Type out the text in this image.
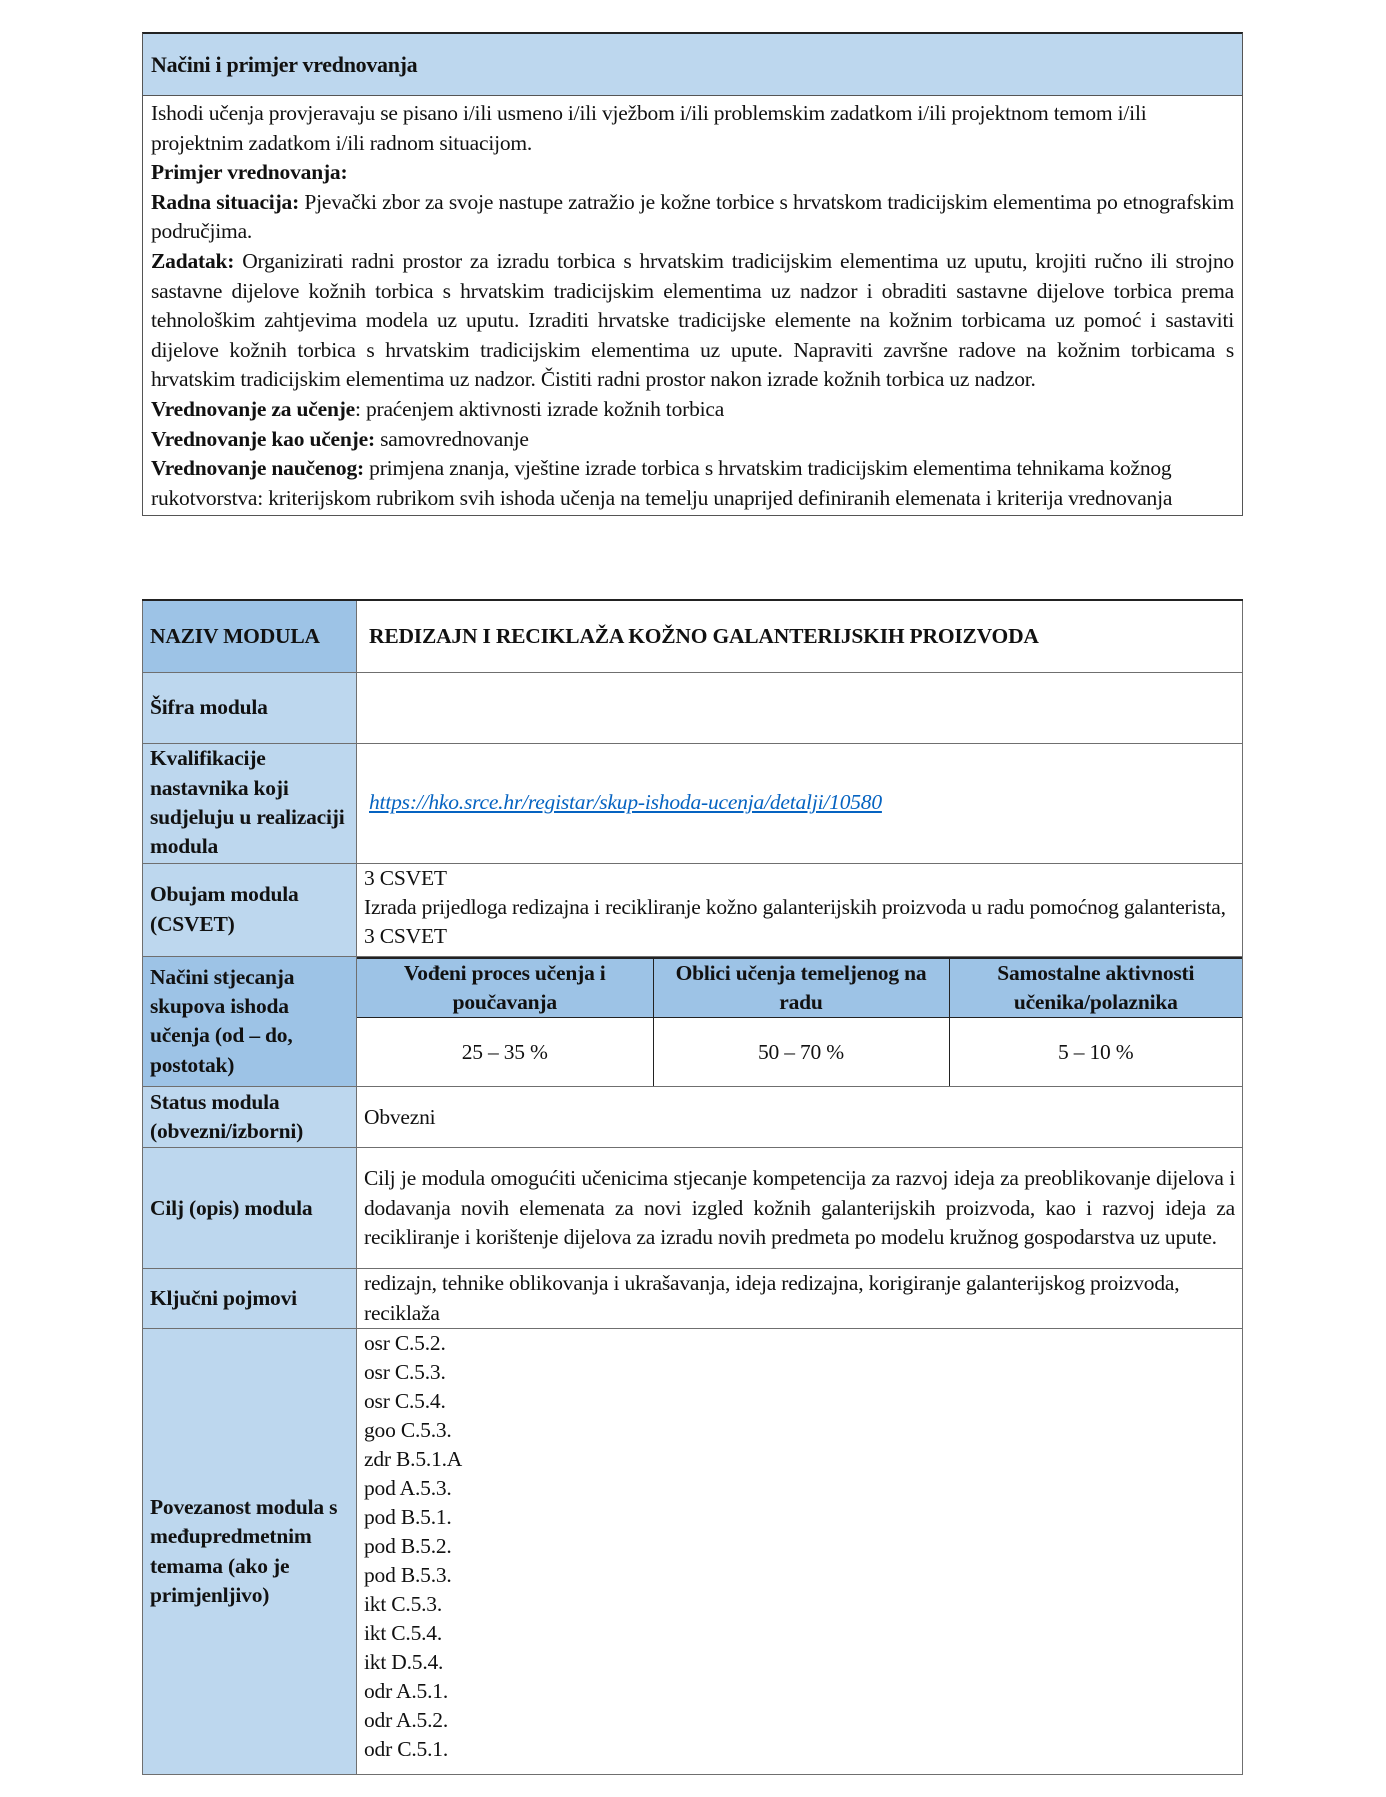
Načini i primjer vrednovanja

Ishodi učenja provjeravaju se pisano i/ili usmeno i/ili vježbom i/ili problemskim zadatkom i/ili projektnom temom i/ili projektnim zadatkom i/ili radnom situacijom.

Primjer vrednovanja:

Radna situacija: Pjevački zbor za svoje nastupe zatražio je kožne torbice s hrvatskom tradicijskim elementima po etnografskim područjima.

Zadatak: Organizirati radni prostor za izradu torbica s hrvatskim tradicijskim elementima uz uputu, krojiti ručno ili strojno sastavne dijelove kožnih torbica s hrvatskim tradicijskim elementima uz nadzor i obraditi sastavne dijelove torbica prema tehnološkim zahtjevima modela uz uputu. Izraditi hrvatske tradicijske elemente na kožnim torbicama uz pomoć i sastaviti dijelove kožnih torbica s hrvatskim tradicijskim elementima uz upute. Napraviti završne radove na kožnim torbicama s hrvatskim tradicijskim elementima uz nadzor. Čistiti radni prostor nakon izrade kožnih torbica uz nadzor.

Vrednovanje za učenje: praćenjem aktivnosti izrade kožnih torbica

Vrednovanje kao učenje: samovrednovanje

Vrednovanje naučenog: primjena znanja, vještine izrade torbica s hrvatskim tradicijskim elementima tehnikama kožnog rukotvorstva: kriterijskom rubrikom svih ishoda učenja na temelju unaprijed definiranih elemenata i kriterija vrednovanja

NAZIV MODULA	REDIZAJN I RECIKLAŽA KOŽNO GALANTERIJSKIH PROIZVODA
Šifra modula	
Kvalifikacije nastavnika koji sudjeluju u realizaciji modula	https://hko.srce.hr/registar/skup-ishoda-ucenja/detalji/10580
Obujam modula (CSVET)	
3 CSVET
Izrada prijedloga redizajna i recikliranje kožno galanterijskih proizvoda u radu pomoćnog galanterista, 3 CSVET

Načini stjecanja skupova ishoda učenja (od – do, postotak)	
Vođeni proces učenja i poučavanja	Oblici učenja temeljenog na radu	Samostalne aktivnosti učenika/polaznika
25 – 35 %	50 – 70 %	5 – 10 %

Status modula (obvezni/izborni)	Obvezni
Cilj (opis) modula	Cilj je modula omogućiti učenicima stjecanje kompetencija za razvoj ideja za preoblikovanje dijelova i dodavanja novih elemenata za novi izgled kožnih galanterijskih proizvoda, kao i razvoj ideja za recikliranje i korištenje dijelova za izradu novih predmeta po modelu kružnog gospodarstva uz upute.
Ključni pojmovi	redizajn, tehnike oblikovanja i ukrašavanja, ideja redizajna, korigiranje galanterijskog proizvoda, reciklaža
Povezanost modula s međupredmetnim temama (ako je primjenljivo)	
osr C.5.2.
osr C.5.3.
osr C.5.4.
goo C.5.3.
zdr B.5.1.A
pod A.5.3.
pod B.5.1.
pod B.5.2.
pod B.5.3.
ikt C.5.3.
ikt C.5.4.
ikt D.5.4.
odr A.5.1.
odr A.5.2.
odr C.5.1.
